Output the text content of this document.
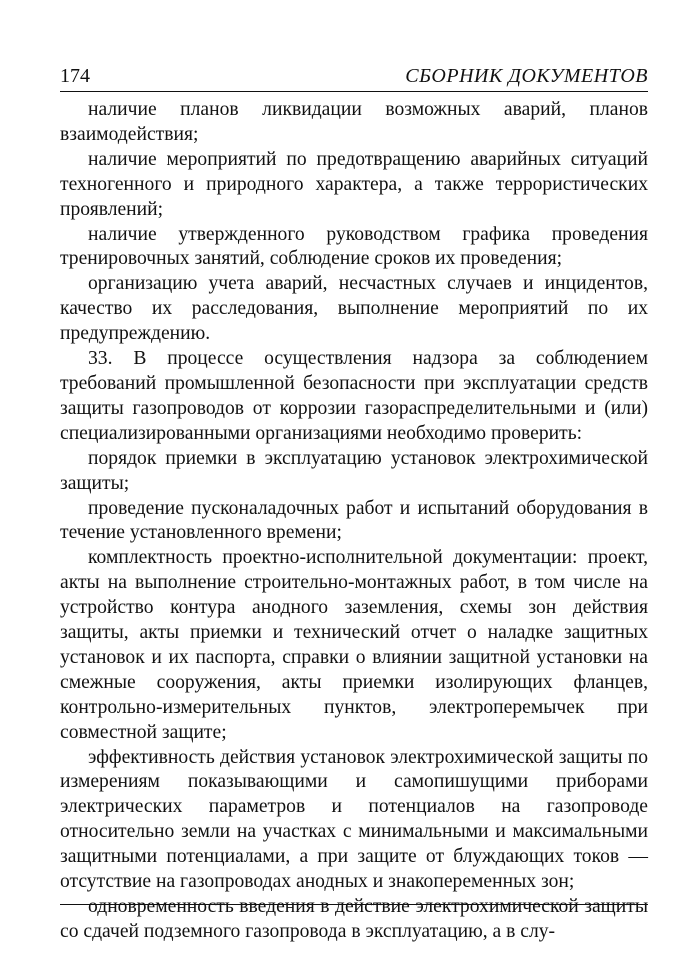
174	СБОРНИК ДОКУМЕНТОВ

наличие планов ликвидации возможных аварий, планов взаимодействия;

наличие мероприятий по предотвращению аварийных ситуаций техногенного и природного характера, а также террористических проявлений;

наличие утвержденного руководством графика проведения тренировочных занятий, соблюдение сроков их проведения;

организацию учета аварий, несчастных случаев и инцидентов, качество их расследования, выполнение мероприятий по их предупреждению.

33. В процессе осуществления надзора за соблюдением требований промышленной безопасности при эксплуатации средств защиты газопроводов от коррозии газораспределительными и (или) специализированными организациями необходимо проверить:

порядок приемки в эксплуатацию установок электрохимической защиты;

проведение пусконаладочных работ и испытаний оборудования в течение установленного времени;

комплектность проектно-исполнительной документации: проект, акты на выполнение строительно-монтажных работ, в том числе на устройство контура анодного заземления, схемы зон действия защиты, акты приемки и технический отчет о наладке защитных установок и их паспорта, справки о влиянии защитной установки на смежные сооружения, акты приемки изолирующих фланцев, контрольно-измерительных пунктов, электроперемычек при совместной защите;

эффективность действия установок электрохимической защиты по измерениям показывающими и самопишущими приборами электрических параметров и потенциалов на газопроводе относительно земли на участках с минимальными и максимальными защитными потенциалами, а при защите от блуждающих токов — отсутствие на газопроводах анодных и знакопеременных зон;

одновременность введения в действие электрохимической защиты со сдачей подземного газопровода в эксплуатацию, а в слу-
